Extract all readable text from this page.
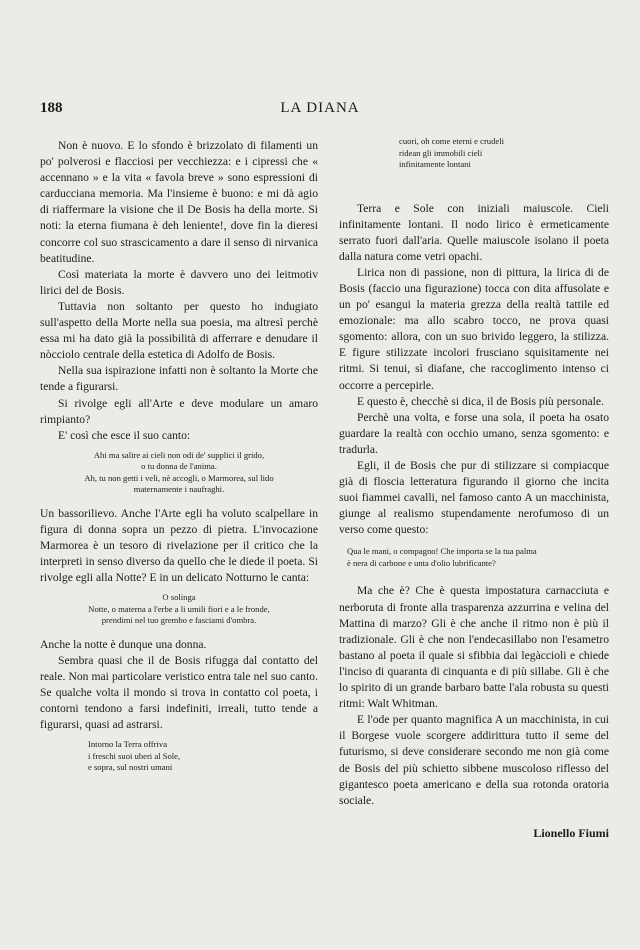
188	LA DIANA

Non è nuovo. E lo sfondo è brizzolato di filamenti un po' polverosi e flacciosi per vecchiezza: e i cipressi che « accennano » e la vita « favola breve » sono espressioni di carducciana memoria. Ma l'insieme è buono: e mi dà agio di riaffermare la visione che il De Bosis ha della morte. Si noti: la eterna fiumana è deh leniente!, dove fin la dieresi concorre col suo strascicamento a dare il senso di nirvanica beatitudine.

Così materiata la morte è davvero uno dei leitmotiv lirici del de Bosis.

Tuttavia non soltanto per questo ho indugiato sull'aspetto della Morte nella sua poesia, ma altresì perchè essa mi ha dato già la possibilità di afferrare e denudare il nòcciolo centrale della estetica di Adolfo de Bosis.

Nella sua ispirazione infatti non è soltanto la Morte che tende a figurarsi.

Si rivolge egli all'Arte e deve modulare un amaro rimpianto?

E' così che esce il suo canto:

Ahi ma salire ai cieli non odi de' supplici il grido,
o tu donna de l'anima.
Ah, tu non getti i veli, nè accogli, o Marmorea, sul lido
maternamente i naufraghi.

Un bassorilievo. Anche l'Arte egli ha voluto scalpellare in figura di donna sopra un pezzo di pietra. L'invocazione Marmorea è un tesoro di rivelazione per il critico che la interpreti in senso diverso da quello che le diede il poeta. Si rivolge egli alla Notte? E in un delicato Notturno le canta:

O solinga
Notte, o materna a l'erbe a li umili fiori e a le fronde,
prendimi nel tuo grembo e fasciami d'ombra.

Anche la notte è dunque una donna.

Sembra quasi che il de Bosis rifugga dal contatto del reale. Non mai particolare veristico entra tale nel suo canto. Se qualche volta il mondo si trova in contatto col poeta, i contorni tendono a farsi indefiniti, irreali, tutto tende a figurarsi, quasi ad astrarsi.

Intorno la Terra offriva
i freschi suoi uberi al Sole,
e sopra, sul nostri umani
cuori, oh come eterni e crudeli
ridean gli immobili cieli
infinitamente lontani

Terra e Sole con iniziali maiuscole. Cieli infinitamente lontani. Il nodo lirico è ermeticamente serrato fuori dall'aria. Quelle maiuscole isolano il poeta dalla natura come vetri opachi.

Lirica non di passione, non di pittura, la lirica di de Bosis (faccio una figurazione) tocca con dita affusolate e un po' esangui la materia grezza della realtà tattile ed emozionale: ma allo scabro tocco, ne prova quasi sgomento: allora, con un suo brivido leggero, la stilizza. E figure stilizzate incolori frusciano squisitamente nei ritmi. Si tenui, sì diafane, che raccoglimento intenso ci occorre a percepirle.

E questo è, checchè si dica, il de Bosis più personale.

Perchè una volta, e forse una sola, il poeta ha osato guardare la realtà con occhio umano, senza sgomento: e tradurla.

Egli, il de Bosis che pur di stilizzare si compiacque già di floscia letteratura figurando il giorno che incita suoi fiammei cavalli, nel famoso canto A un macchinista, giunge al realismo stupendamente nerofumoso di un verso come questo:

Qua le mani, o compagno! Che importa se la tua palma
è nera di carbone e unta d'olio lubrificante?

Ma che è? Che è questa impostatura carnacciuta e nerboruta di fronte alla trasparenza azzurrina e velina del Mattina di marzo? Gli è che anche il ritmo non è più il tradizionale. Gli è che non l'endecasillabo non l'esametro bastano al poeta il quale si sfibbia dai legàccioli e chiede l'inciso di quaranta di cinquanta e di più sillabe. Gli è che lo spirito di un grande barbaro batte l'ala robusta su questi ritmi: Walt Whitman.

E l'ode per quanto magnifica A un macchinista, in cui il Borgese vuole scorgere addirittura tutto il seme del futurismo, si deve considerare secondo me non già come de Bosis del più schietto sibbene muscoloso riflesso del gigantesco poeta americano e della sua rotonda oratoria sociale.

Lionello Fiumi
